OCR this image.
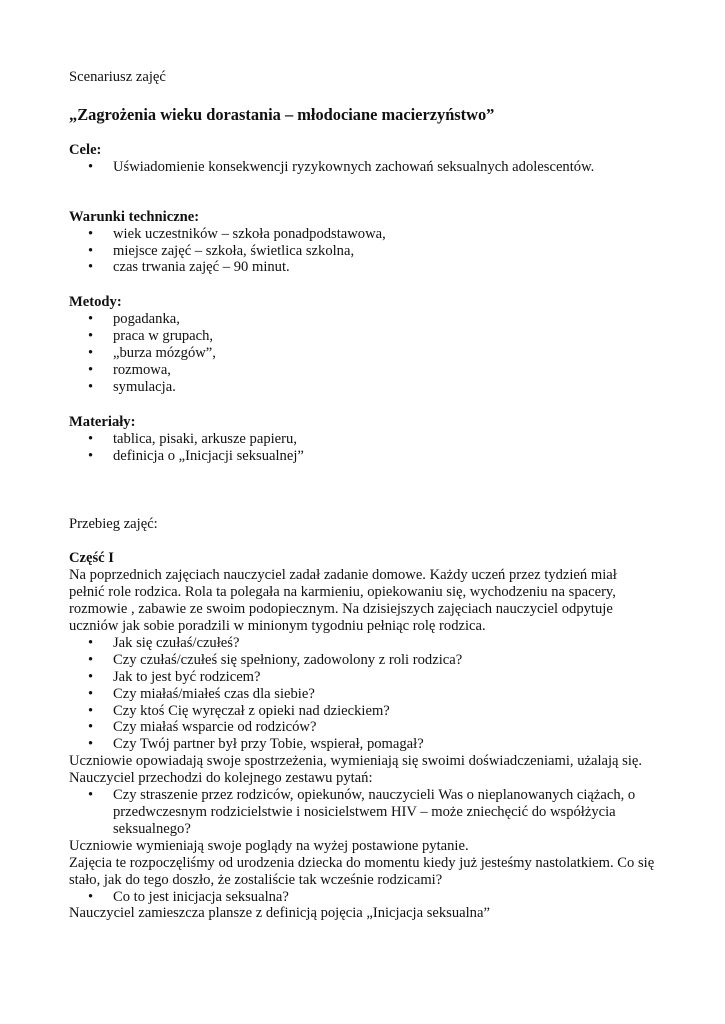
Scenariusz zajęć

„Zagrożenia wieku dorastania – młodociane macierzyństwo”

Cele:

• Uświadomienie konsekwencji ryzykownych zachowań seksualnych adolescentów.

Warunki techniczne:

• wiek uczestników – szkoła ponadpodstawowa,
• miejsce zajęć – szkoła, świetlica szkolna,
• czas trwania zajęć – 90 minut.

Metody:

• pogadanka,
• praca w grupach,
• „burza mózgów”,
• rozmowa,
• symulacja.

Materiały:

• tablica, pisaki, arkusze papieru,
• definicja o „Inicjacji seksualnej”

Przebieg zajęć:

Część I

Na poprzednich zajęciach nauczyciel zadał zadanie domowe. Każdy uczeń przez tydzień miał

pełnić role rodzica. Rola ta polegała na karmieniu, opiekowaniu się, wychodzeniu na spacery,

rozmowie , zabawie ze swoim podopiecznym. Na dzisiejszych zajęciach nauczyciel odpytuje

uczniów jak sobie poradzili w minionym tygodniu pełniąc rolę rodzica.

• Jak się czułaś/czułeś?
• Czy czułaś/czułeś się spełniony, zadowolony z roli rodzica?
• Jak to jest być rodzicem?
• Czy miałaś/miałeś czas dla siebie?
• Czy ktoś Cię wyręczał z opieki nad dzieckiem?
• Czy miałaś wsparcie od rodziców?
• Czy Twój partner był przy Tobie, wspierał, pomagał?

Uczniowie opowiadają swoje spostrzeżenia, wymieniają się swoimi doświadczeniami, użalają się.

Nauczyciel przechodzi do kolejnego zestawu pytań:

• Czy straszenie przez rodziców, opiekunów, nauczycieli Was o nieplanowanych ciążach, o
przedwczesnym rodzicielstwie i nosicielstwem HIV – może zniechęcić do współżycia
seksualnego?

Uczniowie wymieniają swoje poglądy na wyżej postawione pytanie.

Zajęcia te rozpoczęliśmy od urodzenia dziecka do momentu kiedy już jesteśmy nastolatkiem. Co się

stało, jak do tego doszło, że zostaliście tak wcześnie rodzicami?

• Co to jest inicjacja seksualna?

Nauczyciel zamieszcza plansze z definicją pojęcia „Inicjacja seksualna”
